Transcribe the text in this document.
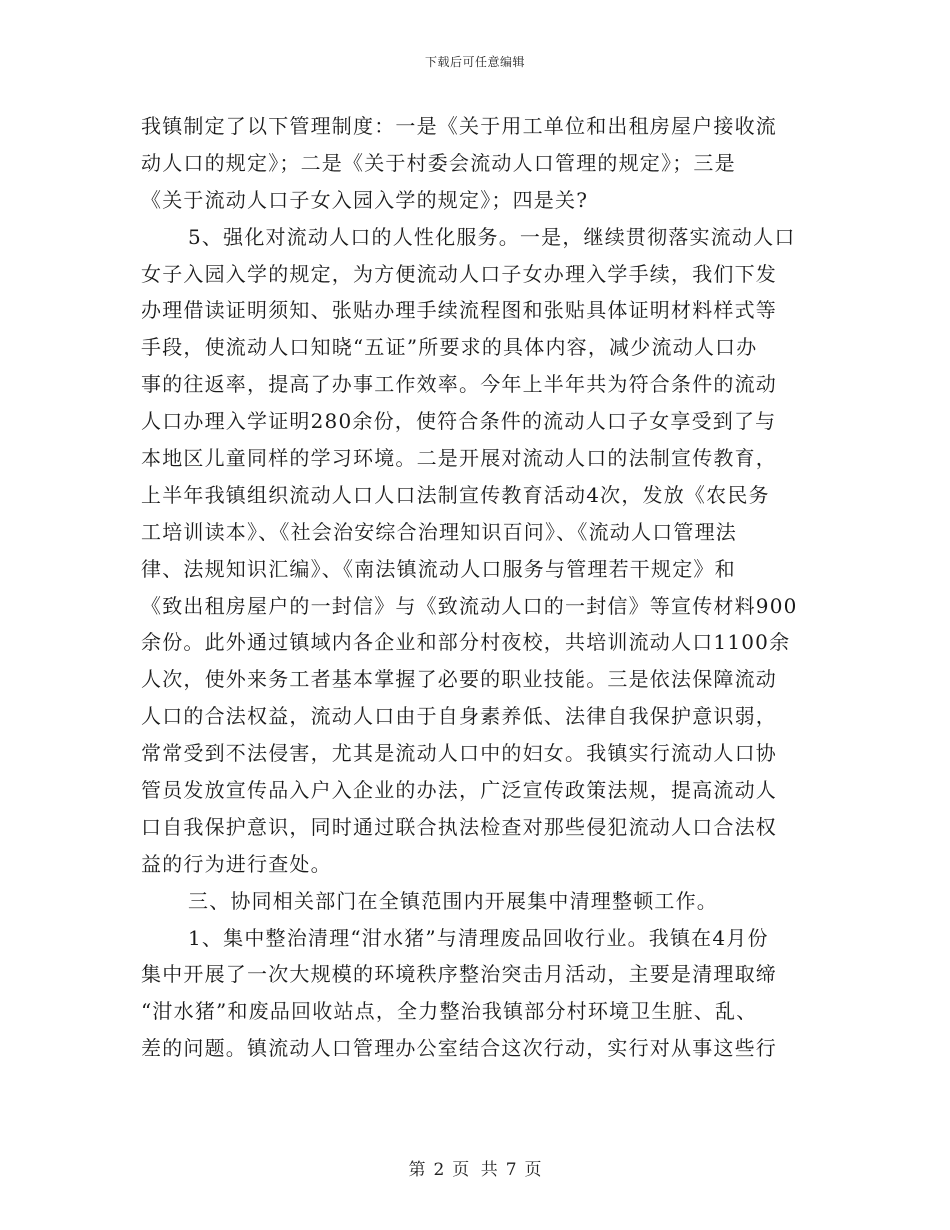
下载后可任意编辑
我镇制定了以下管理制度：一是《关于用工单位和出租房屋户接收流
动人口的规定》；二是《关于村委会流动人口管理的规定》；三是
《关于流动人口子女入园入学的规定》；四是关?
5、强化对流动人口的人性化服务。一是，继续贯彻落实流动人口
女子入园入学的规定，为方便流动人口子女办理入学手续，我们下发
办理借读证明须知、张贴办理手续流程图和张贴具体证明材料样式等
手段，使流动人口知晓“五证”所要求的具体内容，减少流动人口办
事的往返率，提高了办事工作效率。今年上半年共为符合条件的流动
人口办理入学证明280余份，使符合条件的流动人口子女享受到了与
本地区儿童同样的学习环境。二是开展对流动人口的法制宣传教育，
上半年我镇组织流动人口人口法制宣传教育活动4次，发放《农民务
工培训读本》、《社会治安综合治理知识百问》、《流动人口管理法
律、法规知识汇编》、《南法镇流动人口服务与管理若干规定》和
《致出租房屋户的一封信》与《致流动人口的一封信》等宣传材料900
余份。此外通过镇域内各企业和部分村夜校，共培训流动人口1100余
人次，使外来务工者基本掌握了必要的职业技能。三是依法保障流动
人口的合法权益，流动人口由于自身素养低、法律自我保护意识弱，
常常受到不法侵害，尤其是流动人口中的妇女。我镇实行流动人口协
管员发放宣传品入户入企业的办法，广泛宣传政策法规，提高流动人
口自我保护意识，同时通过联合执法检查对那些侵犯流动人口合法权
益的行为进行查处。
三、协同相关部门在全镇范围内开展集中清理整顿工作。
1、集中整治清理“泔水猪”与清理废品回收行业。我镇在4月份
集中开展了一次大规模的环境秩序整治突击月活动，主要是清理取缔
“泔水猪”和废品回收站点，全力整治我镇部分村环境卫生脏、乱、
差的问题。镇流动人口管理办公室结合这次行动，实行对从事这些行
第 2 页 共 7 页
